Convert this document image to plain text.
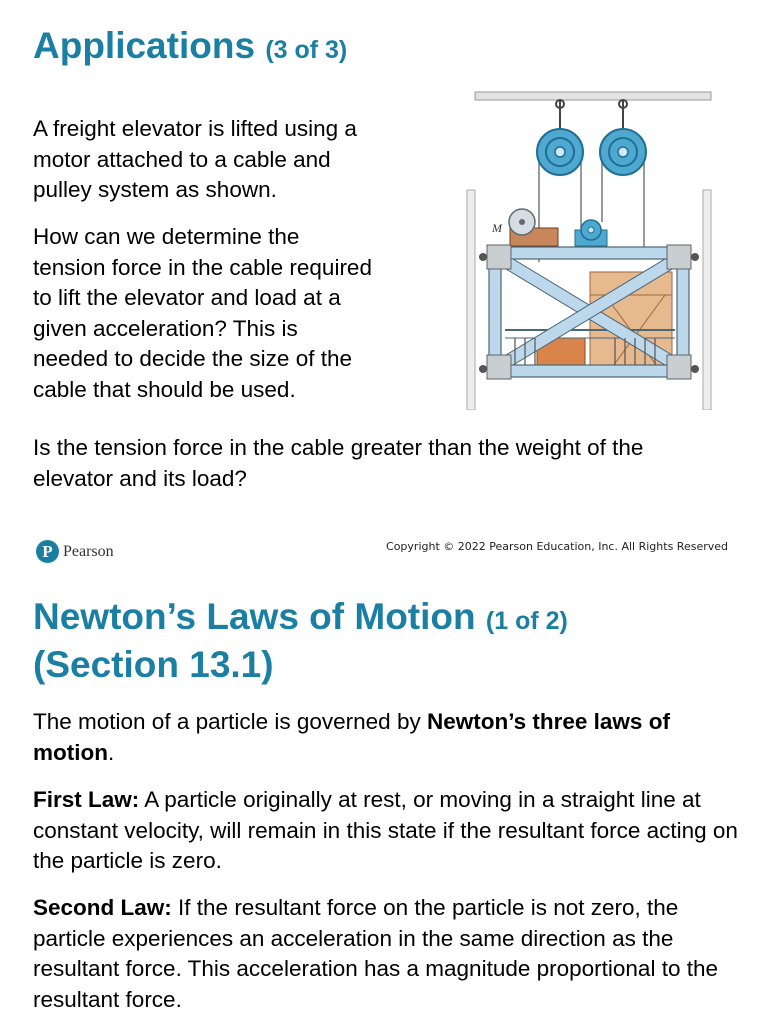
Applications (3 of 3)
A freight elevator is lifted using a
motor attached to a cable and
pulley system as shown.
How can we determine the
tension force in the cable required
to lift the elevator and load at a
given acceleration? This is
needed to decide the size of the
cable that should be used.
Is the tension force in the cable greater than the weight of the
elevator and its load?
M
P Pearson	Copyright © 2022 Pearson Education, Inc. All Rights Reserved
Newton’s Laws of Motion (1 of 2)
(Section 13.1)

The motion of a particle is governed by Newton’s three laws of motion.

First Law: A particle originally at rest, or moving in a straight line at constant velocity, will remain in this state if the resultant force acting on the particle is zero.

Second Law: If the resultant force on the particle is not zero, the particle experiences an acceleration in the same direction as the resultant force. This acceleration has a magnitude proportional to the resultant force.
